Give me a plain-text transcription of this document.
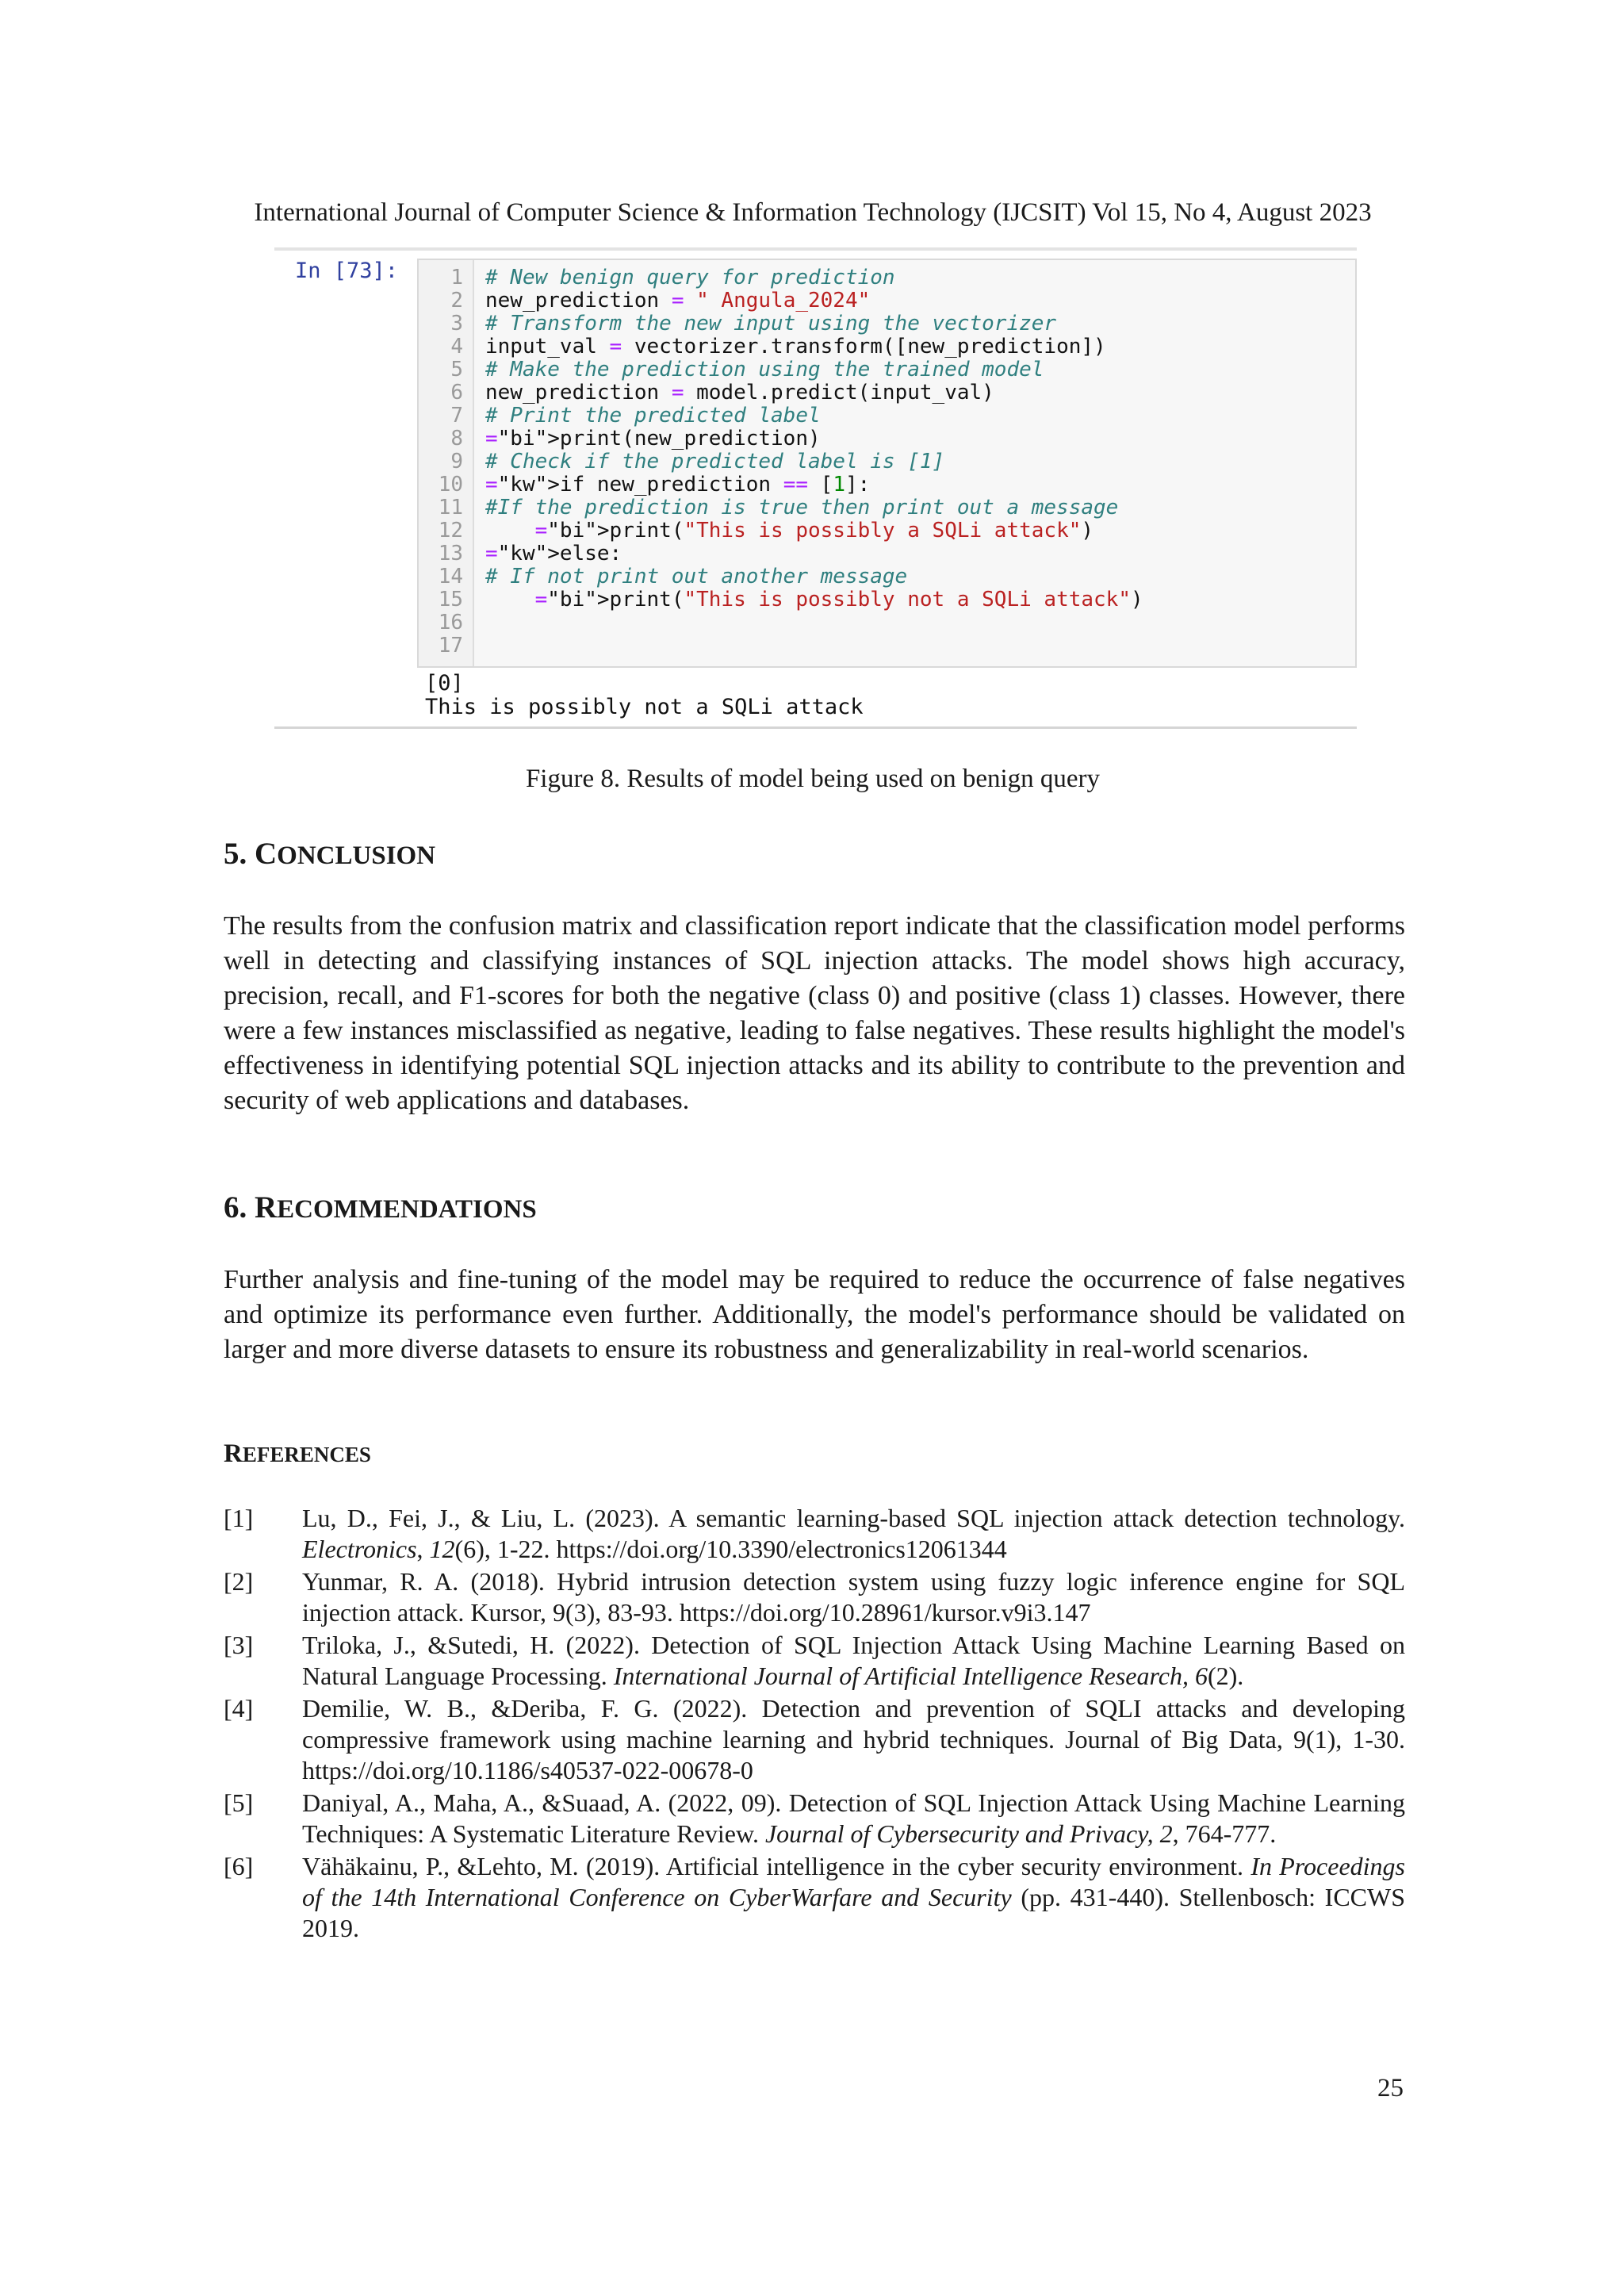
International Journal of Computer Science & Information Technology (IJCSIT) Vol 15, No 4, August 2023
In [73]:	1 # New benign query for prediction
2 new_prediction = " Angula_2024"
3 # Transform the new input using the vectorizer
4 input_val = vectorizer.transform([new_prediction])
5 # Make the prediction using the trained model
6 new_prediction = model.predict(input_val)
7 # Print the predicted label
8 ="bi">print(new_prediction)
9 # Check if the predicted label is [1]
10 ="kw">if new_prediction == [1]:
11 #If the prediction is true then print out a message
12	="bi">print("This is possibly a SQLi attack")
13 ="kw">else:
14 # If not print out another message
15	="bi">print("This is possibly not a SQLi attack")
16
17
[0]
This is possibly not a SQLi attack
Figure 8. Results of model being used on benign query
5. CONCLUSION
The results from the confusion matrix and classification report indicate that the classification model performs well in detecting and classifying instances of SQL injection attacks. The model shows high accuracy, precision, recall, and F1-scores for both the negative (class 0) and positive (class 1) classes. However, there were a few instances misclassified as negative, leading to false negatives. These results highlight the model's effectiveness in identifying potential SQL injection attacks and its ability to contribute to the prevention and security of web applications and databases.
6. RECOMMENDATIONS
Further analysis and fine-tuning of the model may be required to reduce the occurrence of false negatives and optimize its performance even further. Additionally, the model's performance should be validated on larger and more diverse datasets to ensure its robustness and generalizability in real-world scenarios.
REFERENCES
[1]	Lu, D., Fei, J., & Liu, L. (2023). A semantic learning-based SQL injection attack detection technology. Electronics, 12(6), 1-22. https://doi.org/10.3390/electronics12061344
[2]	Yunmar, R. A. (2018). Hybrid intrusion detection system using fuzzy logic inference engine for SQL injection attack. Kursor, 9(3), 83-93. https://doi.org/10.28961/kursor.v9i3.147
[3]	Triloka, J., &Sutedi, H. (2022). Detection of SQL Injection Attack Using Machine Learning Based on Natural Language Processing. International Journal of Artificial Intelligence Research, 6(2).
[4]	Demilie, W. B., &Deriba, F. G. (2022). Detection and prevention of SQLI attacks and developing compressive framework using machine learning and hybrid techniques. Journal of Big Data, 9(1), 1-30. https://doi.org/10.1186/s40537-022-00678-0
[5]	Daniyal, A., Maha, A., &Suaad, A. (2022, 09). Detection of SQL Injection Attack Using Machine Learning Techniques: A Systematic Literature Review. Journal of Cybersecurity and Privacy, 2, 764-777.
[6]	Vähäkainu, P., &Lehto, M. (2019). Artificial intelligence in the cyber security environment. In Proceedings of the 14th International Conference on CyberWarfare and Security (pp. 431-440). Stellenbosch: ICCWS 2019.
25
